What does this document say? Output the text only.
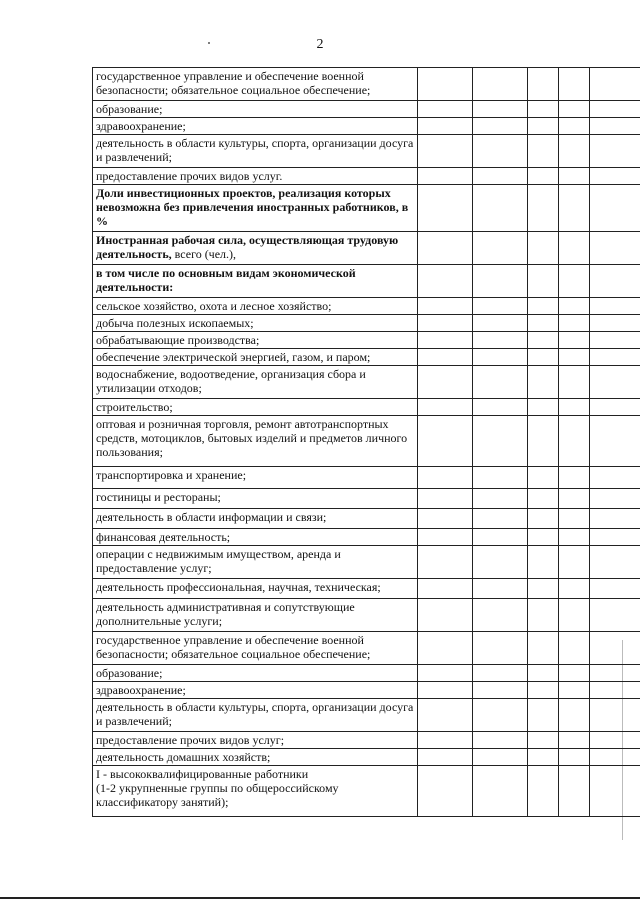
2
государственное управление и обеспечение военной безопасности; обязательное социальное обеспечение;					
образование;					
здравоохранение;					
деятельность в области культуры, спорта, организации досуга и развлечений;					
предоставление прочих видов услуг.					
Доли инвестиционных проектов, реализация которых невозможна без привлечения иностранных работников, в %					
Иностранная рабочая сила, осуществляющая трудовую деятельность, всего (чел.),					
в том числе по основным видам экономической деятельности:					
сельское хозяйство, охота и лесное хозяйство;					
добыча полезных ископаемых;					
обрабатывающие производства;					
обеспечение электрической энергией, газом, и паром;					
водоснабжение, водоотведение, организация сбора и утилизации отходов;					
строительство;					
оптовая и розничная торговля, ремонт автотранспортных средств, мотоциклов, бытовых изделий и предметов личного пользования;					
транспортировка и хранение;					
гостиницы и рестораны;					
деятельность в области информации и связи;					
финансовая деятельность;					
операции с недвижимым имуществом, аренда и предоставление услуг;					
деятельность профессиональная, научная, техническая;					
деятельность административная и сопутствующие дополнительные услуги;					
государственное управление и обеспечение военной безопасности; обязательное социальное обеспечение;					
образование;					
здравоохранение;					
деятельность в области культуры, спорта, организации досуга и развлечений;					
предоставление прочих видов услуг;					
деятельность домашних хозяйств;					
I - высококвалифицированные работники
(1-2 укрупненные группы по общероссийскому
классификатору занятий);					
